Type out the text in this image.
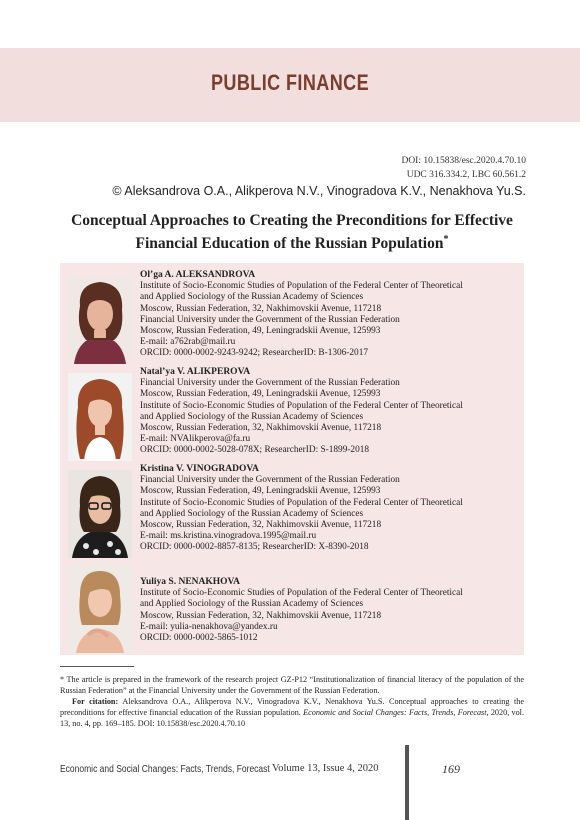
PUBLIC FINANCE
DOI: 10.15838/esc.2020.4.70.10
UDC 316.334.2, LBC 60.561.2
© Aleksandrova O.A., Alikperova N.V., Vinogradova K.V., Nenakhova Yu.S.
Conceptual Approaches to Creating the Preconditions for Effective
Financial Education of the Russian Population*
Ol’ga A. ALEKSANDROVA
Institute of Socio-Economic Studies of Population of the Federal Center of Theoretical
and Applied Sociology of the Russian Academy of Sciences
Moscow, Russian Federation, 32, Nakhimovskii Avenue, 117218
Financial University under the Government of the Russian Federation
Moscow, Russian Federation, 49, Leningradskii Avenue, 125993
E-mail: a762rab@mail.ru
ORCID: 0000-0002-9243-9242; ResearcherID: B-1306-2017
Natal’ya V. ALIKPEROVA
Financial University under the Government of the Russian Federation
Moscow, Russian Federation, 49, Leningradskii Avenue, 125993
Institute of Socio-Economic Studies of Population of the Federal Center of Theoretical
and Applied Sociology of the Russian Academy of Sciences
Moscow, Russian Federation, 32, Nakhimovskii Avenue, 117218
E-mail: NVAlikperova@fa.ru
ORCID: 0000-0002-5028-078X; ResearcherID: S-1899-2018
Kristina V. VINOGRADOVA
Financial University under the Government of the Russian Federation
Moscow, Russian Federation, 49, Leningradskii Avenue, 125993
Institute of Socio-Economic Studies of Population of the Federal Center of Theoretical
and Applied Sociology of the Russian Academy of Sciences
Moscow, Russian Federation, 32, Nakhimovskii Avenue, 117218
E-mail: ms.kristina.vinogradova.1995@mail.ru
ORCID: 0000-0002-8857-8135; ResearcherID: X-8390-2018
Yuliya S. NENAKHOVA
Institute of Socio-Economic Studies of Population of the Federal Center of Theoretical
and Applied Sociology of the Russian Academy of Sciences
Moscow, Russian Federation, 32, Nakhimovskii Avenue, 117218
E-mail: yulia-nenakhova@yandex.ru
ORCID: 0000-0002-5865-1012
* The article is prepared in the framework of the research project GZ-P12 “Institutionalization of financial literacy of the population of the Russian Federation” at the Financial University under the Government of the Russian Federation.
For citation: Aleksandrova O.A., Alikperova N.V., Vinogradova K.V., Nenakhova Yu.S. Conceptual approaches to creating the preconditions for effective financial education of the Russian population. Economic and Social Changes: Facts, Trends, Forecast, 2020, vol. 13, no. 4, pp. 169–185. DOI: 10.15838/esc.2020.4.70.10
Economic and Social Changes: Facts, Trends, Forecast Volume 13, Issue 4, 2020	169
